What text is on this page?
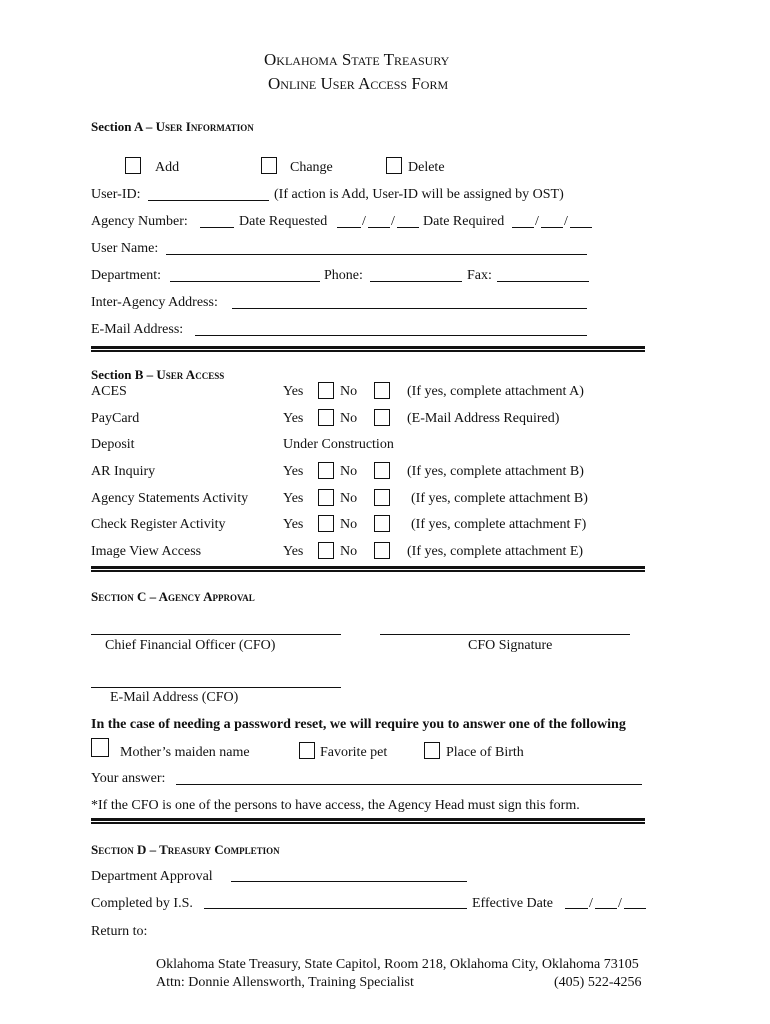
Oklahoma State Treasury
Online User Access Form
Section A – User Information
Add	Change	Delete
User-ID:	(If action is Add, User-ID will be assigned by OST)
Agency Number:	Date Requested / / Date Required / /
User Name:
Department:	Phone:	Fax:
Inter-Agency Address:
E-Mail Address:
Section B – User Access
ACES	Yes	No	(If yes, complete attachment A)
PayCard	Yes	No	(E-Mail Address Required)
Deposit	Under Construction
AR Inquiry	Yes	No	(If yes, complete attachment B)
Agency Statements Activity Yes	No	(If yes, complete attachment B)
Check Register Activity	Yes	No	(If yes, complete attachment F)
Image View Access	Yes	No	(If yes, complete attachment E)
Section C – Agency Approval
Chief Financial Officer (CFO)	CFO Signature
E-Mail Address (CFO)
In the case of needing a password reset, we will require you to answer one of the following
Mother’s maiden name	Favorite pet	Place of Birth
Your answer:
*If the CFO is one of the persons to have access, the Agency Head must sign this form.
Section D – Treasury Completion
Department Approval
Completed by I.S.	Effective Date	/ /
Return to:
Oklahoma State Treasury, State Capitol, Room 218, Oklahoma City, Oklahoma 73105
Attn: Donnie Allensworth, Training Specialist	(405) 522-4256
